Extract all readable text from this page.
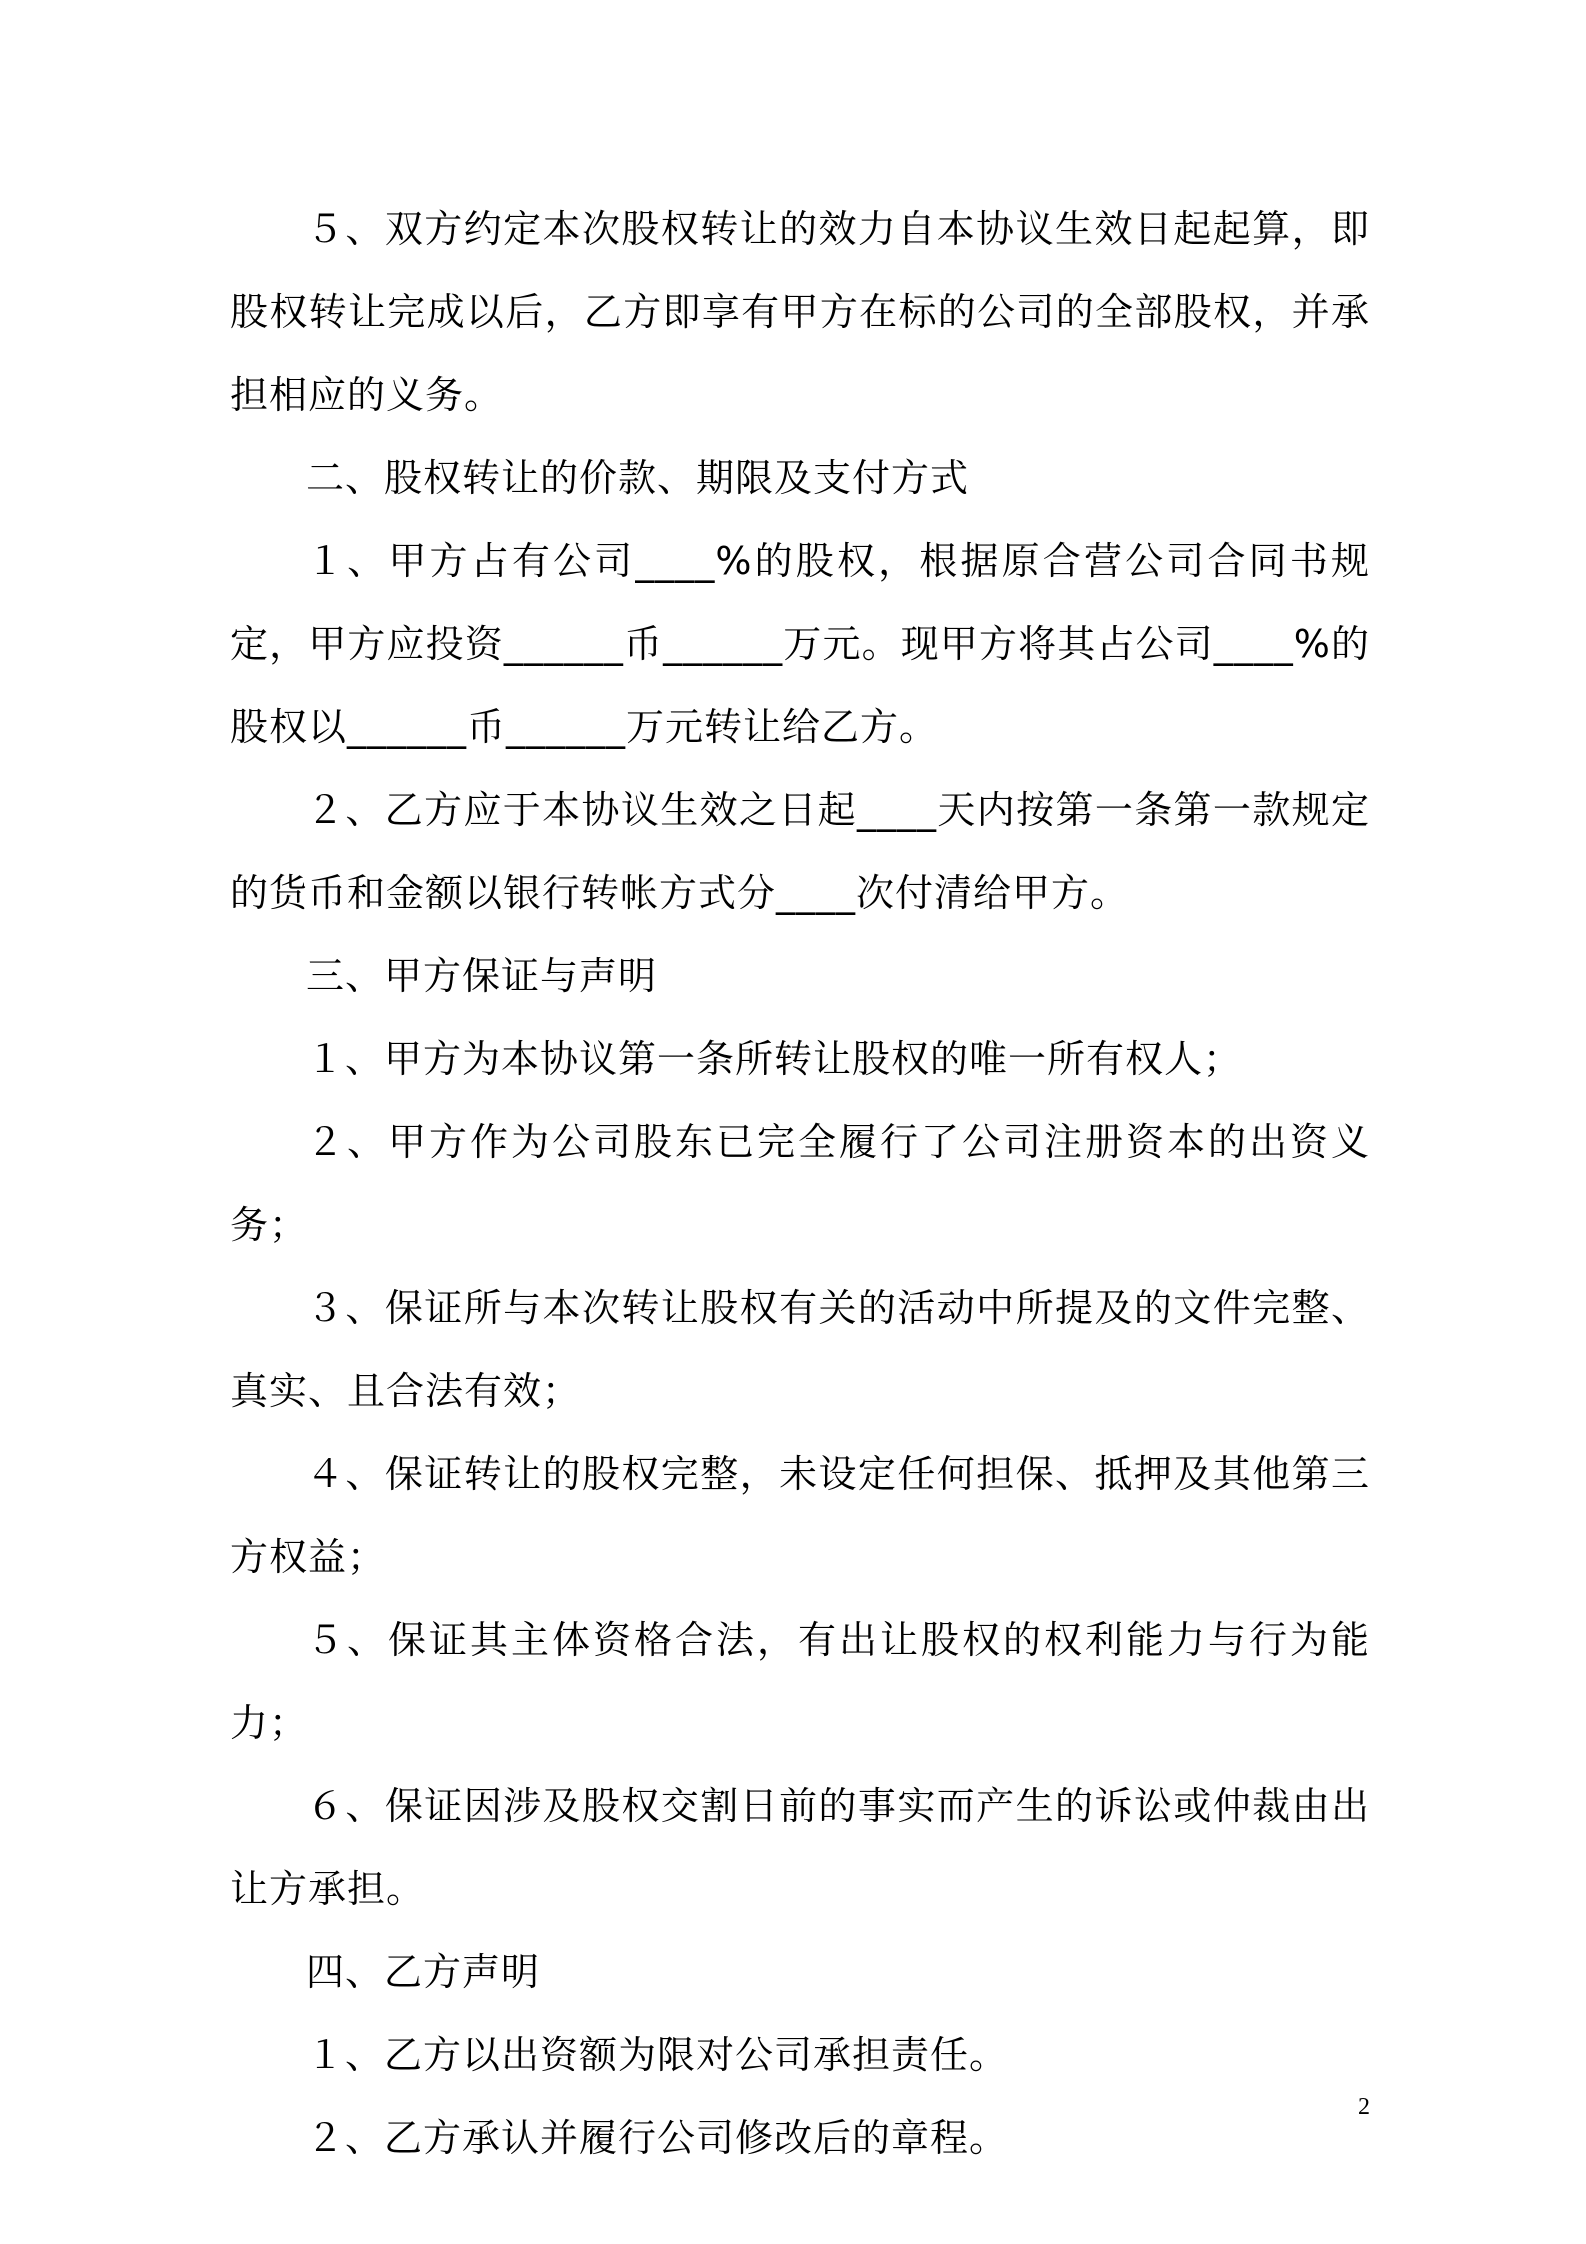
５、双方约定本次股权转让的效力自本协议生效日起起算，即股权转让完成以后，乙方即享有甲方在标的公司的全部股权，并承担相应的义务。

二、股权转让的价款、期限及支付方式

１、甲方占有公司____%的股权，根据原合营公司合同书规定，甲方应投资______币______万元。现甲方将其占公司____%的股权以______币______万元转让给乙方。

２、乙方应于本协议生效之日起____天内按第一条第一款规定的货币和金额以银行转帐方式分____次付清给甲方。

三、甲方保证与声明

１、甲方为本协议第一条所转让股权的唯一所有权人；

２、甲方作为公司股东已完全履行了公司注册资本的出资义务；

３、保证所与本次转让股权有关的活动中所提及的文件完整、真实、且合法有效；

４、保证转让的股权完整，未设定任何担保、抵押及其他第三方权益；

５、保证其主体资格合法，有出让股权的权利能力与行为能力；

６、保证因涉及股权交割日前的事实而产生的诉讼或仲裁由出让方承担。

四、乙方声明

１、乙方以出资额为限对公司承担责任。

２、乙方承认并履行公司修改后的章程。

2
